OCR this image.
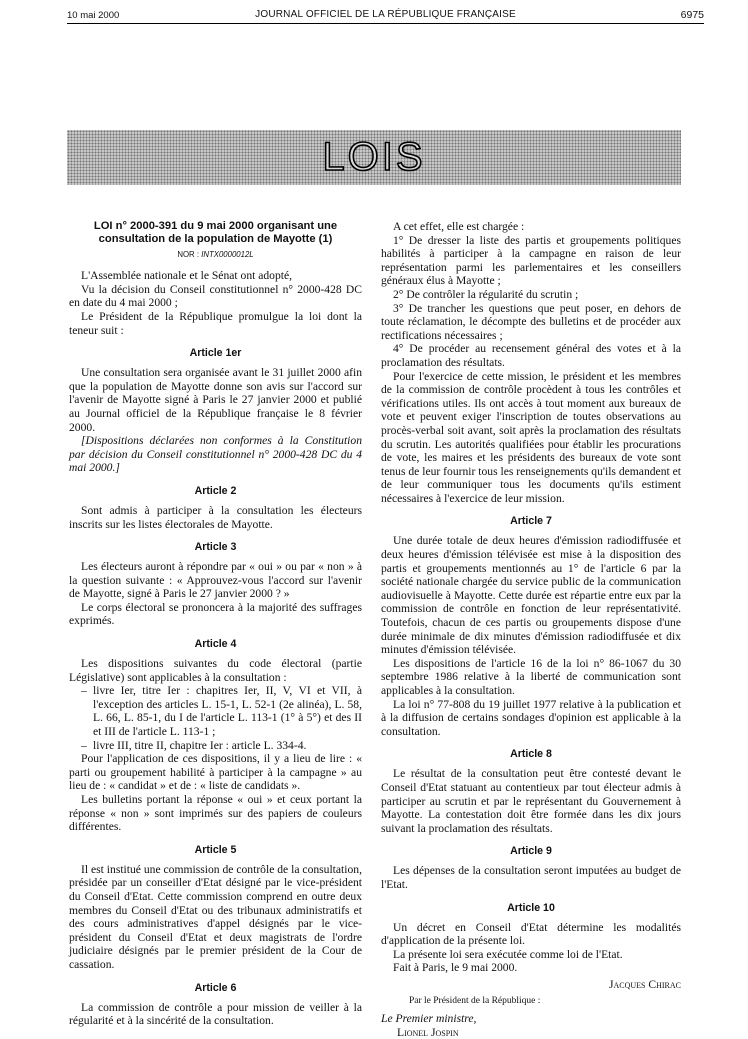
10 mai 2000	JOURNAL OFFICIEL DE LA RÉPUBLIQUE FRANÇAISE	6975
LOIS
LOI n° 2000-391 du 9 mai 2000 organisant une consultation de la population de Mayotte (1)
NOR : INTX0000012L

L'Assemblée nationale et le Sénat ont adopté,

Vu la décision du Conseil constitutionnel n° 2000-428 DC en date du 4 mai 2000 ;

Le Président de la République promulgue la loi dont la teneur suit :

Article 1er

Une consultation sera organisée avant le 31 juillet 2000 afin que la population de Mayotte donne son avis sur l'accord sur l'avenir de Mayotte signé à Paris le 27 janvier 2000 et publié au Journal officiel de la République française le 8 février 2000.

[Dispositions déclarées non conformes à la Constitution par décision du Conseil constitutionnel n° 2000-428 DC du 4 mai 2000.]

Article 2

Sont admis à participer à la consultation les électeurs inscrits sur les listes électorales de Mayotte.

Article 3

Les électeurs auront à répondre par « oui » ou par « non » à la question suivante : « Approuvez-vous l'accord sur l'avenir de Mayotte, signé à Paris le 27 janvier 2000 ? »

Le corps électoral se prononcera à la majorité des suffrages exprimés.

Article 4

Les dispositions suivantes du code électoral (partie Législative) sont applicables à la consultation :

– livre Ier, titre Ier : chapitres Ier, II, V, VI et VII, à l'exception des articles L. 15-1, L. 52-1 (2e alinéa), L. 58, L. 66, L. 85-1, du I de l'article L. 113-1 (1° à 5°) et des II et III de l'article L. 113-1 ;

– livre III, titre II, chapitre Ier : article L. 334-4.

Pour l'application de ces dispositions, il y a lieu de lire : « parti ou groupement habilité à participer à la campagne » au lieu de : « candidat » et de : « liste de candidats ».

Les bulletins portant la réponse « oui » et ceux portant la réponse « non » sont imprimés sur des papiers de couleurs différentes.

Article 5

Il est institué une commission de contrôle de la consultation, présidée par un conseiller d'Etat désigné par le vice-président du Conseil d'Etat. Cette commission comprend en outre deux membres du Conseil d'Etat ou des tribunaux administratifs et des cours administratives d'appel désignés par le vice-président du Conseil d'Etat et deux magistrats de l'ordre judiciaire désignés par le premier président de la Cour de cassation.

Article 6

La commission de contrôle a pour mission de veiller à la régularité et à la sincérité de la consultation.

A cet effet, elle est chargée :

1° De dresser la liste des partis et groupements politiques habilités à participer à la campagne en raison de leur représentation parmi les parlementaires et les conseillers généraux élus à Mayotte ;

2° De contrôler la régularité du scrutin ;

3° De trancher les questions que peut poser, en dehors de toute réclamation, le décompte des bulletins et de procéder aux rectifications nécessaires ;

4° De procéder au recensement général des votes et à la proclamation des résultats.

Pour l'exercice de cette mission, le président et les membres de la commission de contrôle procèdent à tous les contrôles et vérifications utiles. Ils ont accès à tout moment aux bureaux de vote et peuvent exiger l'inscription de toutes observations au procès-verbal soit avant, soit après la proclamation des résultats du scrutin. Les autorités qualifiées pour établir les procurations de vote, les maires et les présidents des bureaux de vote sont tenus de leur fournir tous les renseignements qu'ils demandent et de leur communiquer tous les documents qu'ils estiment nécessaires à l'exercice de leur mission.

Article 7

Une durée totale de deux heures d'émission radiodiffusée et deux heures d'émission télévisée est mise à la disposition des partis et groupements mentionnés au 1° de l'article 6 par la société nationale chargée du service public de la communication audiovisuelle à Mayotte. Cette durée est répartie entre eux par la commission de contrôle en fonction de leur représentativité. Toutefois, chacun de ces partis ou groupements dispose d'une durée minimale de dix minutes d'émission radiodiffusée et dix minutes d'émission télévisée.

Les dispositions de l'article 16 de la loi n° 86-1067 du 30 septembre 1986 relative à la liberté de communication sont applicables à la consultation.

La loi n° 77-808 du 19 juillet 1977 relative à la publication et à la diffusion de certains sondages d'opinion est applicable à la consultation.

Article 8

Le résultat de la consultation peut être contesté devant le Conseil d'Etat statuant au contentieux par tout électeur admis à participer au scrutin et par le représentant du Gouvernement à Mayotte. La contestation doit être formée dans les dix jours suivant la proclamation des résultats.

Article 9

Les dépenses de la consultation seront imputées au budget de l'Etat.

Article 10

Un décret en Conseil d'Etat détermine les modalités d'application de la présente loi.

La présente loi sera exécutée comme loi de l'Etat.

Fait à Paris, le 9 mai 2000.

Jacques Chirac

Par le Président de la République :

Le Premier ministre,

Lionel Jospin
